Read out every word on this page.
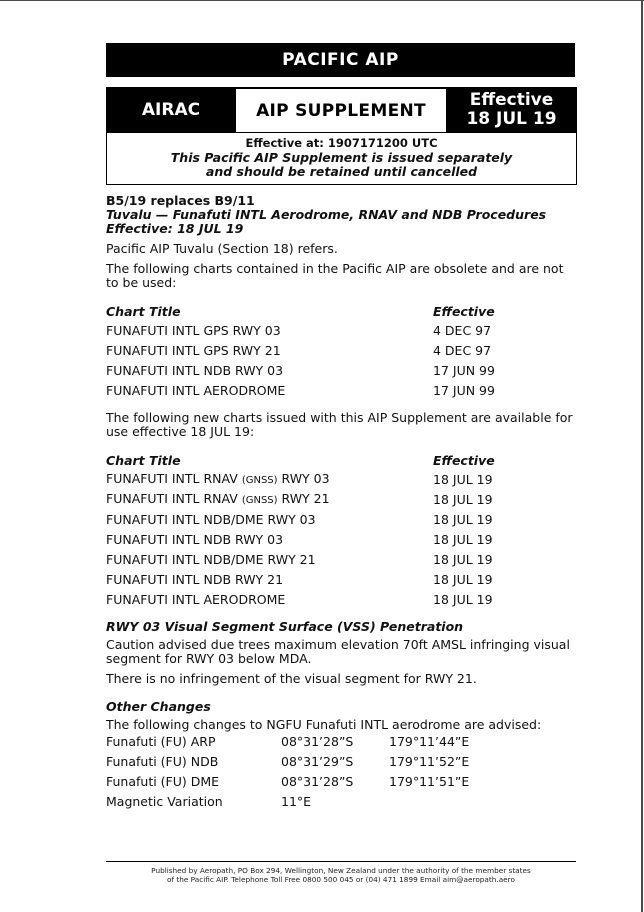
PACIFIC AIP
AIRAC	AIP SUPPLEMENT
Effective
18 JUL 19
Effective at: 1907171200 UTC
This Pacific AIP Supplement is issued separately
and should be retained until cancelled
B5/19 replaces B9/11
Tuvalu — Funafuti INTL Aerodrome, RNAV and NDB Procedures
Effective: 18 JUL 19

Pacific AIP Tuvalu (Section 18) refers.

The following charts contained in the Pacific AIP are obsolete and are not to be used:

Chart Title	Effective
FUNAFUTI INTL GPS RWY 03	4 DEC 97
FUNAFUTI INTL GPS RWY 21	4 DEC 97
FUNAFUTI INTL NDB RWY 03	17 JUN 99
FUNAFUTI INTL AERODROME	17 JUN 99

The following new charts issued with this AIP Supplement are available for use effective 18 JUL 19:

Chart Title	Effective
FUNAFUTI INTL RNAV (GNSS) RWY 03	18 JUL 19
FUNAFUTI INTL RNAV (GNSS) RWY 21	18 JUL 19
FUNAFUTI INTL NDB/DME RWY 03	18 JUL 19
FUNAFUTI INTL NDB RWY 03	18 JUL 19
FUNAFUTI INTL NDB/DME RWY 21	18 JUL 19
FUNAFUTI INTL NDB RWY 21	18 JUL 19
FUNAFUTI INTL AERODROME	18 JUL 19
RWY 03 Visual Segment Surface (VSS) Penetration

Caution advised due trees maximum elevation 70ft AMSL infringing visual segment for RWY 03 below MDA.

There is no infringement of the visual segment for RWY 21.

Other Changes

The following changes to NGFU Funafuti INTL aerodrome are advised:

Funafuti (FU) ARP	08°31’28”S	179°11’44”E
Funafuti (FU) NDB	08°31’29”S	179°11’52”E
Funafuti (FU) DME	08°31’28”S	179°11’51”E
Magnetic Variation	11°E
Published by Aeropath, PO Box 294, Wellington, New Zealand under the authority of the member states
of the Pacific AIP. Telephone Toll Free 0800 500 045 or (04) 471 1899 Email aim@aeropath.aero
